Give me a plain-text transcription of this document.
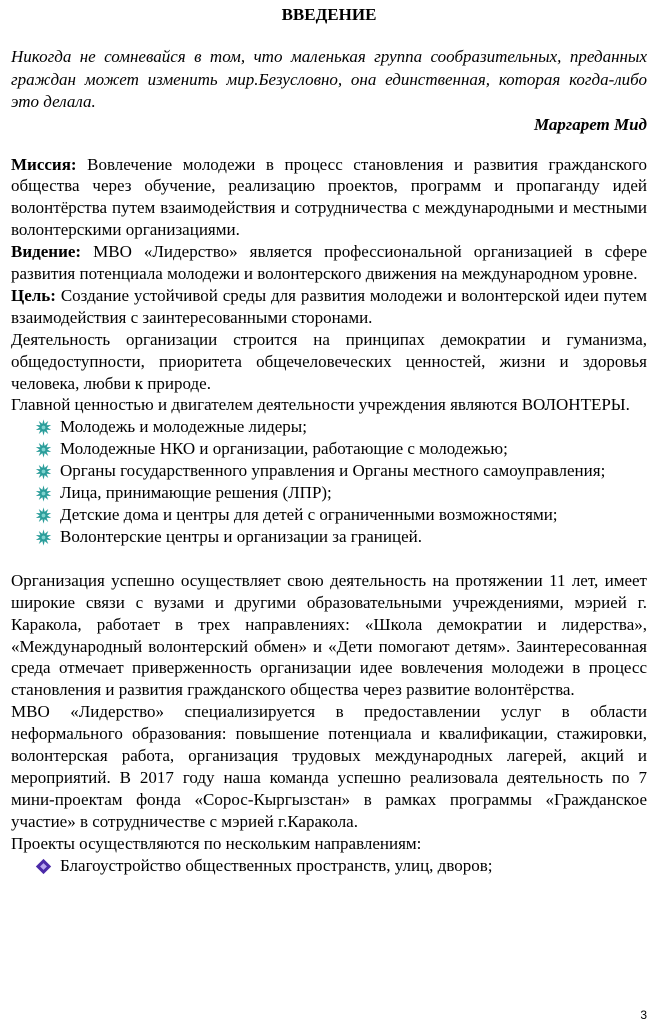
ВВЕДЕНИЕ

Никогда не сомневайся в том, что маленькая группа сообразительных, преданных граждан может изменить мир.Безусловно, она единственная, которая когда-либо это делала.

Маргарет Мид

Миссия: Вовлечение молодежи в процесс становления и развития гражданского общества через обучение, реализацию проектов, программ и пропаганду идей волонтёрства путем взаимодействия и сотрудничества с международными и местными волонтерскими организациями.

Видение: МВО «Лидерство» является профессиональной организацией в сфере развития потенциала молодежи и волонтерского движения на международном уровне.

Цель: Создание устойчивой среды для развития молодежи и волонтерской идеи путем взаимодействия с заинтересованными сторонами.

Деятельность организации строится на принципах демократии и гуманизма, общедоступности, приоритета общечеловеческих ценностей, жизни и здоровья человека, любви к природе.

Главной ценностью и двигателем деятельности учреждения являются ВОЛОНТЕРЫ.

Молодежь и молодежные лидеры;
Молодежные НКО и организации, работающие с молодежью;
Органы государственного управления и Органы местного самоуправления;
Лица, принимающие решения (ЛПР);
Детские дома и центры для детей с ограниченными возможностями;
Волонтерские центры и организации за границей.

Организация успешно осуществляет свою деятельность на протяжении 11 лет, имеет широкие связи с вузами и другими образовательными учреждениями, мэрией г. Каракола, работает в трех направлениях: «Школа демократии и лидерства», «Международный волонтерский обмен» и «Дети помогают детям». Заинтересованная среда отмечает приверженность организации идее вовлечения молодежи в процесс становления и развития гражданского общества через развитие волонтёрства.

МВО «Лидерство» специализируется в предоставлении услуг в области неформального образования: повышение потенциала и квалификации, стажировки, волонтерская работа, организация трудовых международных лагерей, акций и мероприятий. В 2017 году наша команда успешно реализовала деятельность по 7 мини-проектам фонда «Сорос-Кыргызстан» в рамках программы «Гражданское участие» в сотрудничестве с мэрией г.Каракола.

Проекты осуществляются по нескольким направлениям:

Благоустройство общественных пространств, улиц, дворов;
3
